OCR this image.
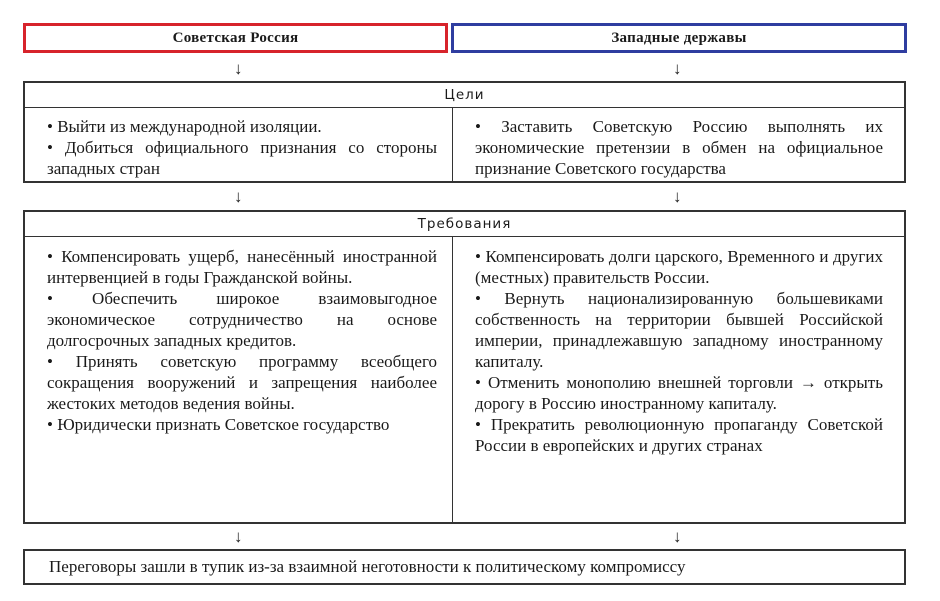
Советская Россия	Западные державы
↓	↓
Цели

• Выйти из международной изоляции.

• Добиться официального признания со стороны западных стран

• Заставить Советскую Россию выполнять их экономические претензии в обмен на официальное признание Советского государства

↓	↓
Требования

• Компенсировать ущерб, нанесённый иностранной интервенцией в годы Гражданской войны.

• Обеспечить широкое взаимовыгодное экономическое сотрудничество на основе долгосрочных западных кредитов.

• Принять советскую программу всеобщего сокращения вооружений и запрещения наиболее жестоких методов ведения войны.

• Юридически признать Советское государство

• Компенсировать долги царского, Временного и других (местных) правительств России.

• Вернуть национализированную большевиками собственность на территории бывшей Российской империи, принадлежавшую западному иностранному капиталу.

• Отменить монополию внешней торговли → открыть дорогу в Россию иностранному капиталу.

• Прекратить революционную пропаганду Советской России в европейских и других странах

↓	↓
Переговоры зашли в тупик из-за взаимной неготовности к политическому компромиссу
